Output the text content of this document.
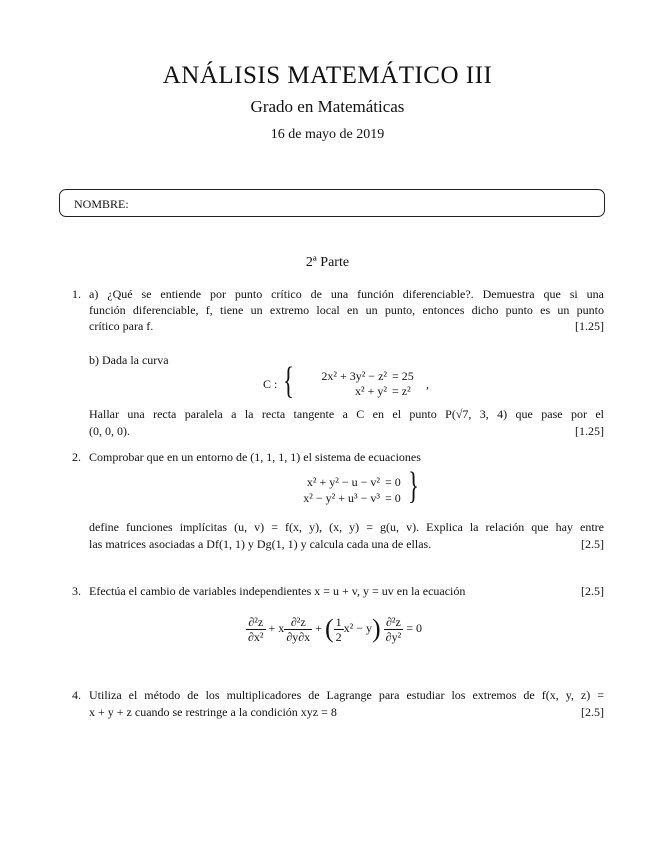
ANÁLISIS MATEMÁTICO III
Grado en Matemáticas
16 de mayo de 2019
NOMBRE:
2ª Parte
1. a) ¿Qué se entiende por punto crítico de una función diferenciable?. Demuestra que si una
función diferenciable, f, tiene un extremo local en un punto, entonces dicho punto es un punto
crítico para f.	[1.25]
b) Dada la curva
C : {	2x² + 3y² − z² = 25
x² + y² = z² ,
Hallar una recta paralela a la recta tangente a C en el punto P(√7, 3, 4) que pase por el
(0, 0, 0).	[1.25]
2. Comprobar que en un entorno de (1, 1, 1, 1) el sistema de ecuaciones
x² + y² − u − v² = 0
x² − y² + u³ − v³ = 0 }
define funciones implícitas (u, v) = f(x, y), (x, y) = g(u, v). Explica la relación que hay entre
las matrices asociadas a Df(1, 1) y Dg(1, 1) y calcula cada una de ellas.	[2.5]
3. Efectúa el cambio de variables independientes x = u + v, y = uv en la ecuación	[2.5]
$\frac{\text{∂²z}}{\text{∂x²}} + x \frac{\text{∂²z}}{\partial y\partial x}$ + ( $\frac{1}{2} x^2 - y) \frac{\text{∂²z}}{\text{∂y²}} = 0$
4. Utiliza el método de los multiplicadores de Lagrange para estudiar los extremos de f(x, y, z) =
x + y + z cuando se restringe a la condición xyz = 8	[2.5]
